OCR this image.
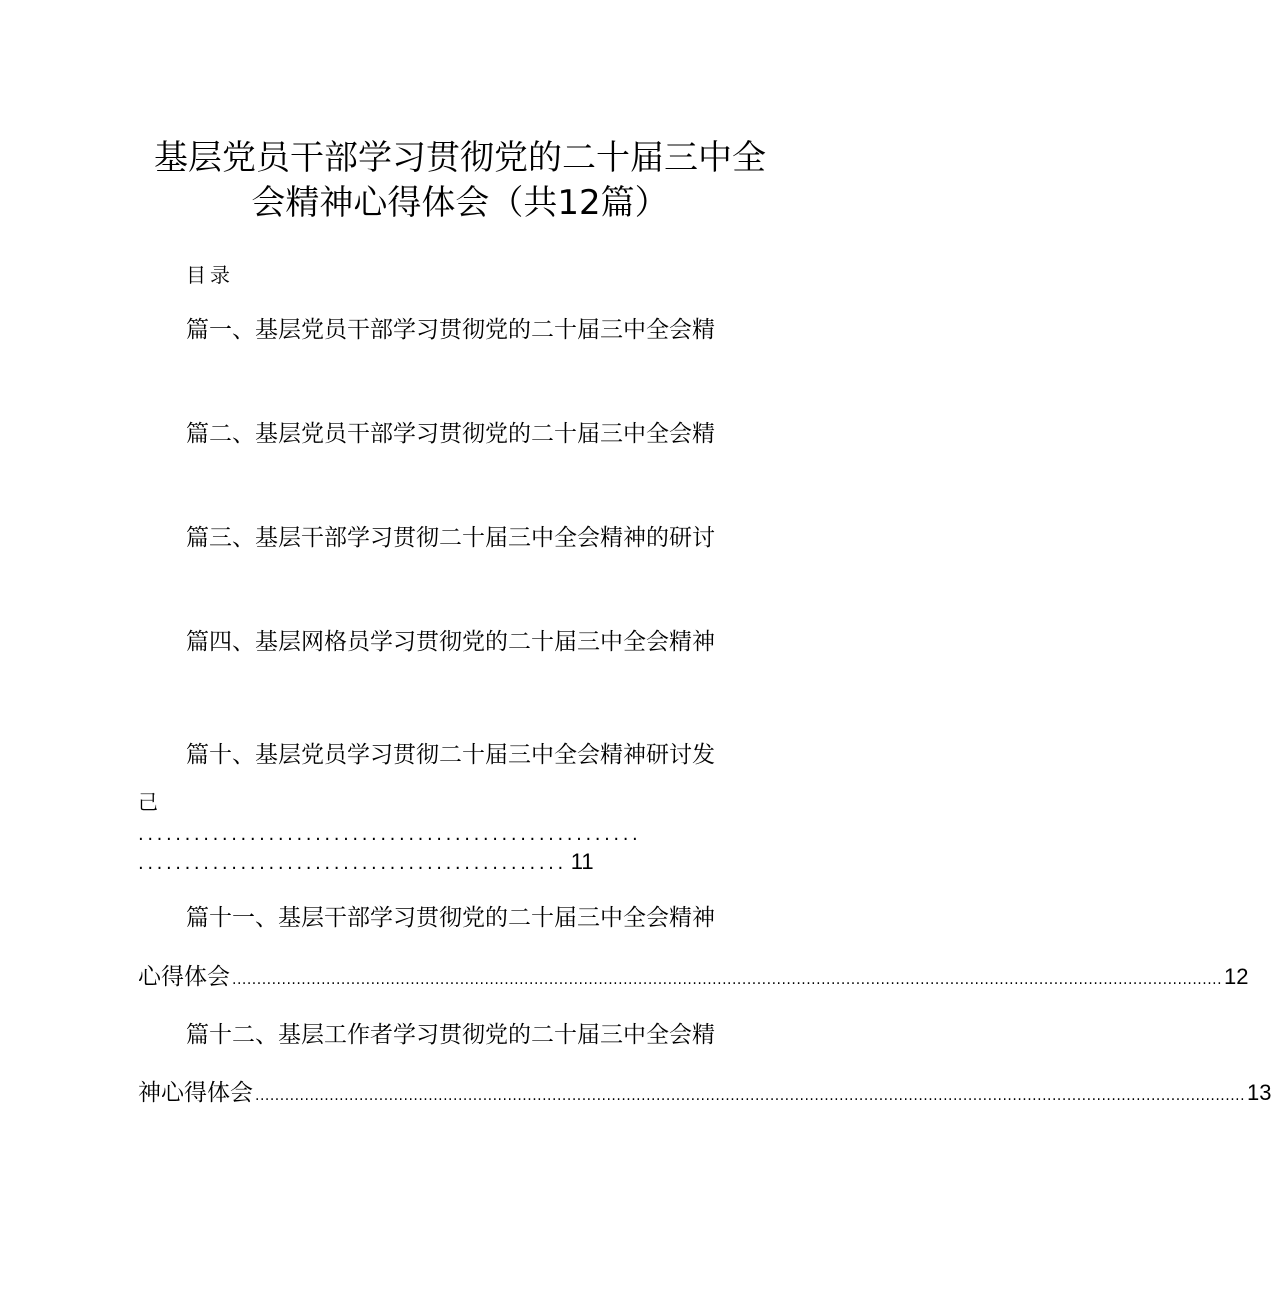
基层党员干部学习贯彻党的二十届三中全
会精神心得体会（共12篇）
目录
篇一、基层党员干部学习贯彻党的二十届三中全会精
篇二、基层党员干部学习贯彻党的二十届三中全会精
篇三、基层干部学习贯彻二十届三中全会精神的研讨
篇四、基层网格员学习贯彻党的二十届三中全会精神
篇十、基层党员学习贯彻二十届三中全会精神研讨发
己
......................................................
.............................................. 11
篇十一、基层干部学习贯彻党的二十届三中全会精神
心得体会 ........................................................................................................................................................................................................ 12
篇十二、基层工作者学习贯彻党的二十届三中全会精
神心得体会 ........................................................................................................................................................................................................ 13
